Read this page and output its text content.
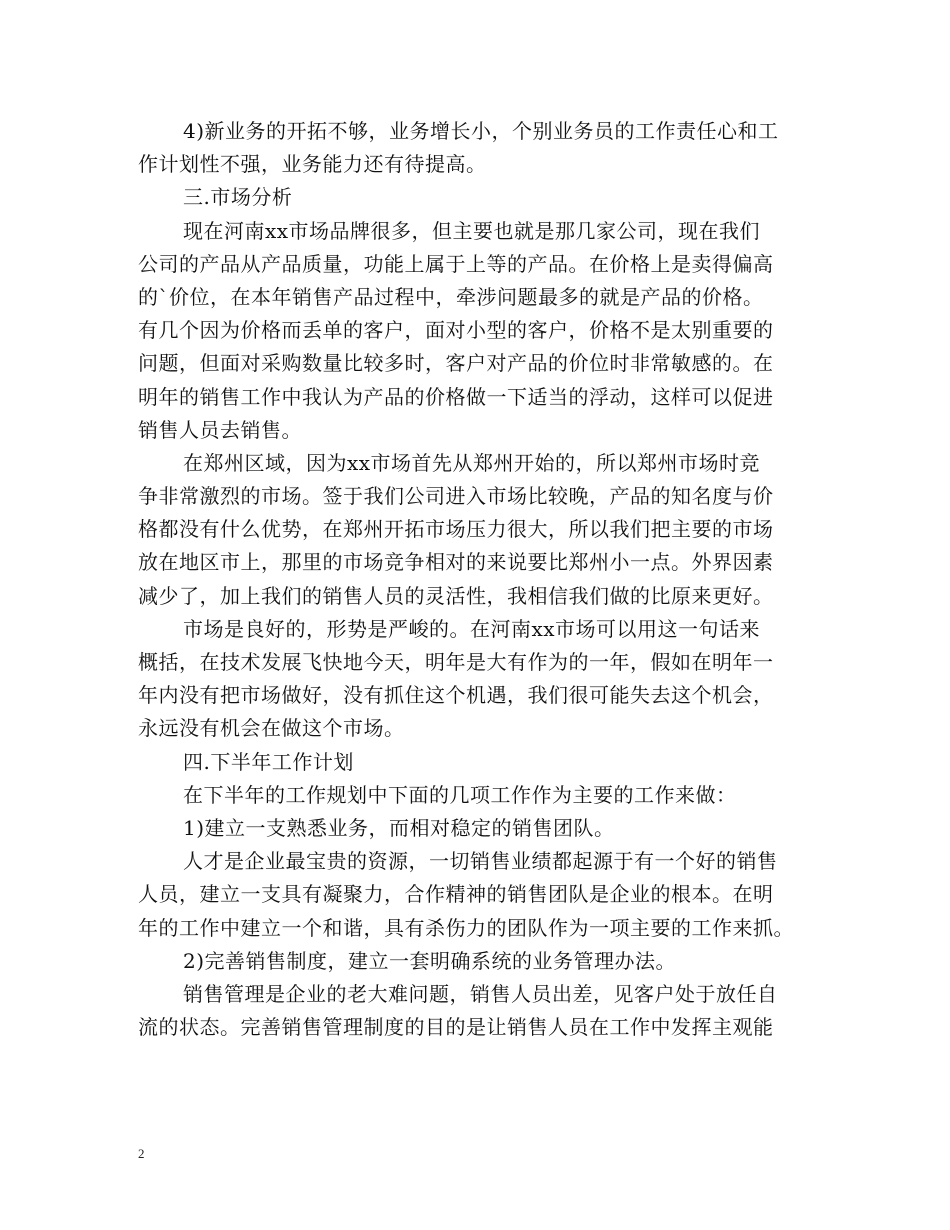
4)新业务的开拓不够，业务增长小，个别业务员的工作责任心和工
作计划性不强，业务能力还有待提高。
三.市场分析
现在河南xx市场品牌很多，但主要也就是那几家公司，现在我们
公司的产品从产品质量，功能上属于上等的产品。在价格上是卖得偏高
的`价位，在本年销售产品过程中，牵涉问题最多的就是产品的价格。
有几个因为价格而丢单的客户，面对小型的客户，价格不是太别重要的
问题，但面对采购数量比较多时，客户对产品的价位时非常敏感的。在
明年的销售工作中我认为产品的价格做一下适当的浮动，这样可以促进
销售人员去销售。
在郑州区域，因为xx市场首先从郑州开始的，所以郑州市场时竞
争非常激烈的市场。签于我们公司进入市场比较晚，产品的知名度与价
格都没有什么优势，在郑州开拓市场压力很大，所以我们把主要的市场
放在地区市上，那里的市场竞争相对的来说要比郑州小一点。外界因素
减少了，加上我们的销售人员的灵活性，我相信我们做的比原来更好。
市场是良好的，形势是严峻的。在河南xx市场可以用这一句话来
概括，在技术发展飞快地今天，明年是大有作为的一年，假如在明年一
年内没有把市场做好，没有抓住这个机遇，我们很可能失去这个机会，
永远没有机会在做这个市场。
四.下半年工作计划
在下半年的工作规划中下面的几项工作作为主要的工作来做：
1)建立一支熟悉业务，而相对稳定的销售团队。
人才是企业最宝贵的资源，一切销售业绩都起源于有一个好的销售
人员，建立一支具有凝聚力，合作精神的销售团队是企业的根本。在明
年的工作中建立一个和谐，具有杀伤力的团队作为一项主要的工作来抓。
2)完善销售制度，建立一套明确系统的业务管理办法。
销售管理是企业的老大难问题，销售人员出差，见客户处于放任自
流的状态。完善销售管理制度的目的是让销售人员在工作中发挥主观能
2
